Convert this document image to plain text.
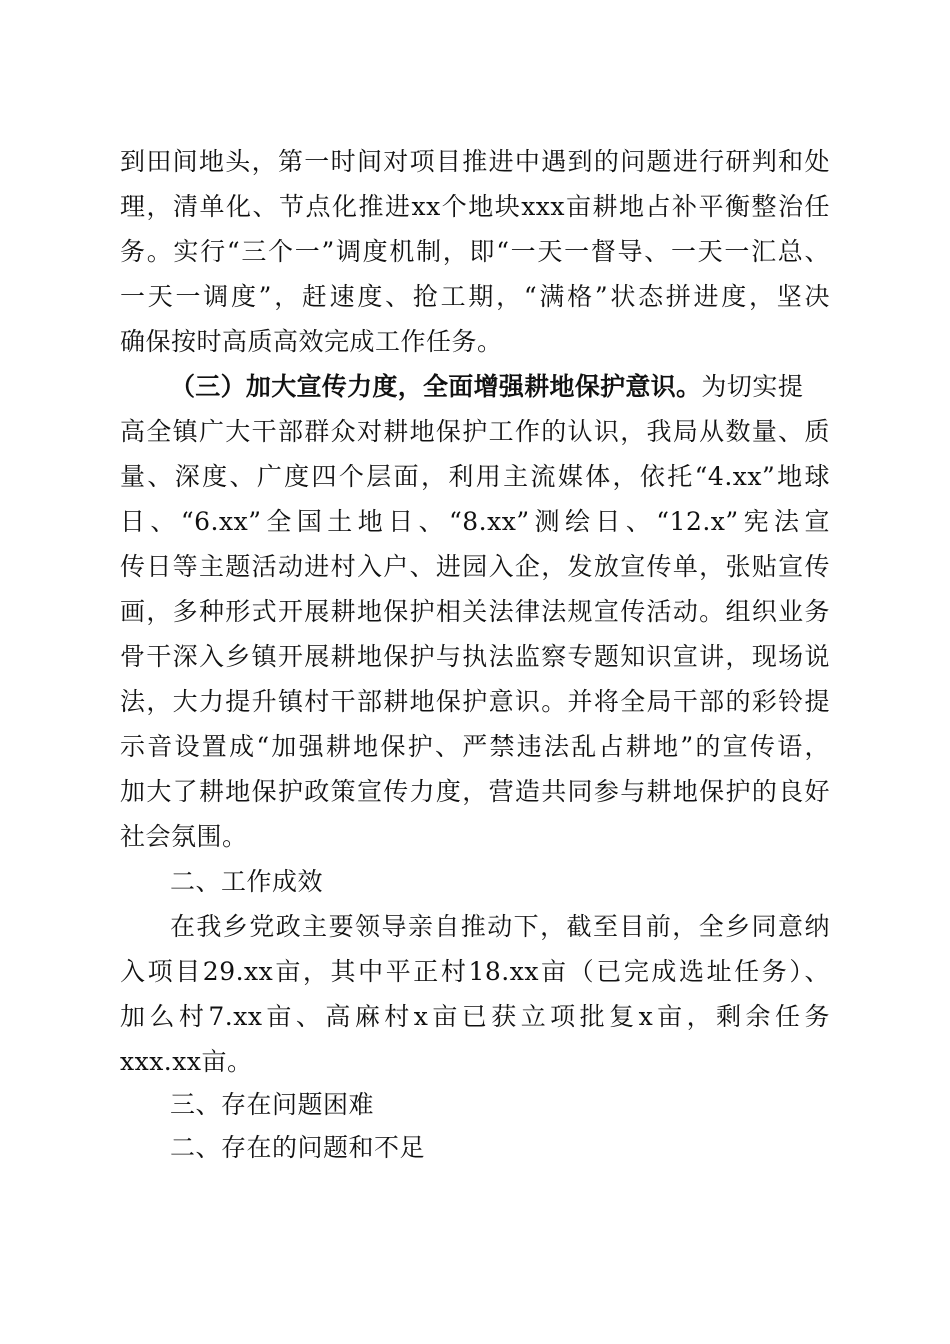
到田间地头，第一时间对项目推进中遇到的问题进行研判和处
理，清单化、节点化推进xx个地块xxx亩耕地占补平衡整治任
务。实行“三个一”调度机制，即“一天一督导、一天一汇总、
一天一调度”，赶速度、抢工期，“满格”状态拼进度，坚决
确保按时高质高效完成工作任务。
（三）加大宣传力度，全面增强耕地保护意识。为切实提
高全镇广大干部群众对耕地保护工作的认识，我局从数量、质
量、深度、广度四个层面，利用主流媒体，依托“4.xx”地球
日、“6.xx”全国土地日、“8.xx”测绘日、“12.x”宪法宣
传日等主题活动进村入户、进园入企，发放宣传单，张贴宣传
画，多种形式开展耕地保护相关法律法规宣传活动。组织业务
骨干深入乡镇开展耕地保护与执法监察专题知识宣讲，现场说
法，大力提升镇村干部耕地保护意识。并将全局干部的彩铃提
示音设置成“加强耕地保护、严禁违法乱占耕地”的宣传语，
加大了耕地保护政策宣传力度，营造共同参与耕地保护的良好
社会氛围。
二、工作成效
在我乡党政主要领导亲自推动下，截至目前，全乡同意纳
入项目29.xx亩，其中平正村18.xx亩（已完成选址任务）、
加么村7.xx亩、高麻村x亩已获立项批复x亩，剩余任务
xxx.xx亩。
三、存在问题困难
二、存在的问题和不足
